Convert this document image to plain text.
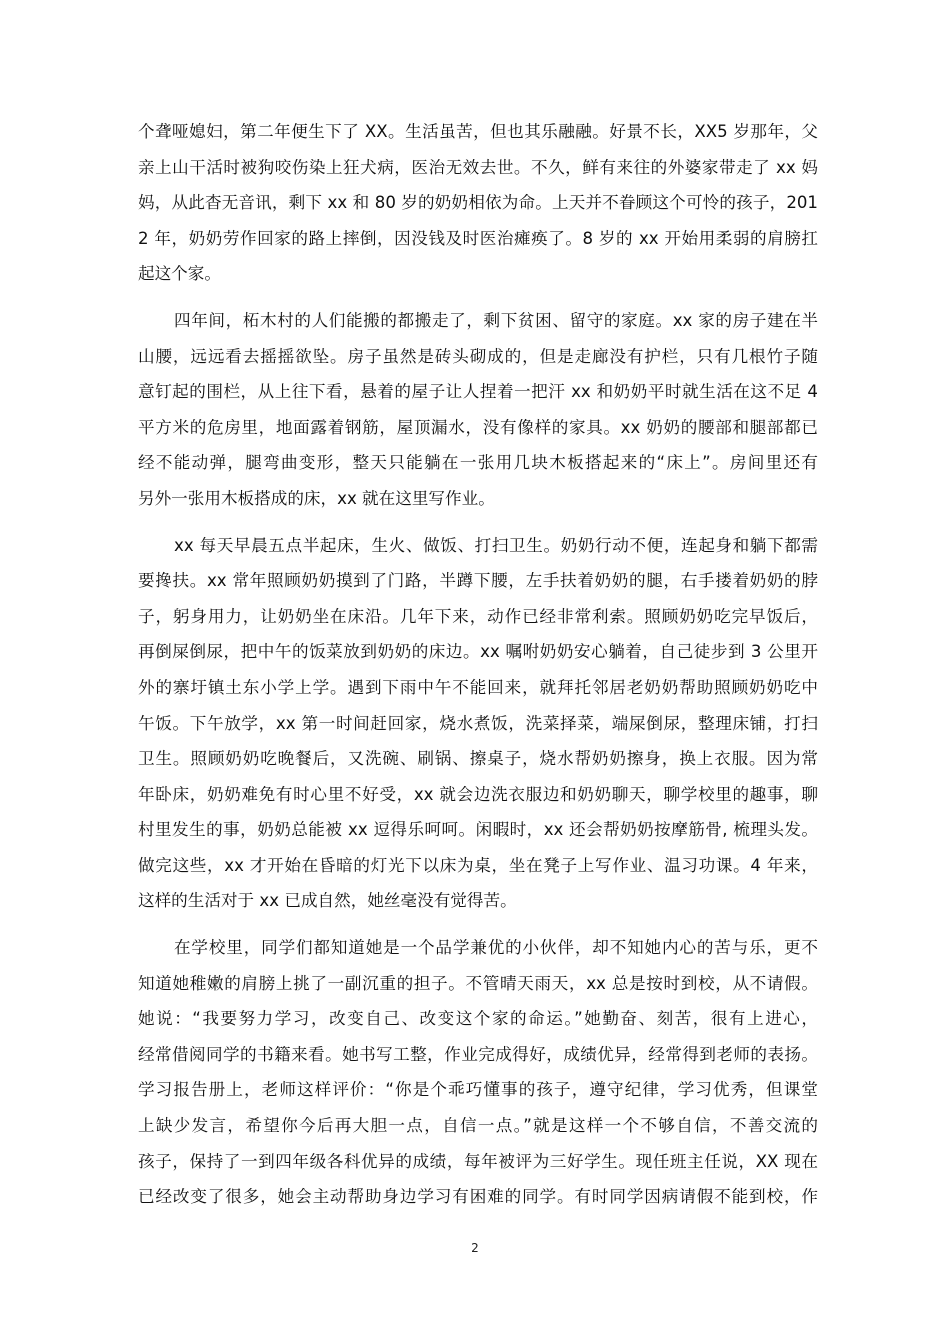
个聋哑媳妇，第二年便生下了 XX。生活虽苦，但也其乐融融。好景不长，XX5 岁那年，父
亲上山干活时被狗咬伤染上狂犬病，医治无效去世。不久，鲜有来往的外婆家带走了 xx 妈
妈，从此杳无音讯，剩下 xx 和 80 岁的奶奶相依为命。上天并不眷顾这个可怜的孩子，201
2 年，奶奶劳作回家的路上摔倒，因没钱及时医治瘫痪了。8 岁的 xx 开始用柔弱的肩膀扛
起这个家。
四年间，柘木村的人们能搬的都搬走了，剩下贫困、留守的家庭。xx 家的房子建在半
山腰，远远看去摇摇欲坠。房子虽然是砖头砌成的，但是走廊没有护栏，只有几根竹子随
意钉起的围栏，从上往下看，悬着的屋子让人捏着一把汗 xx 和奶奶平时就生活在这不足 4
平方米的危房里，地面露着钢筋，屋顶漏水，没有像样的家具。xx 奶奶的腰部和腿部都已
经不能动弹，腿弯曲变形，整天只能躺在一张用几块木板搭起来的“床上”。房间里还有
另外一张用木板搭成的床，xx 就在这里写作业。
xx 每天早晨五点半起床，生火、做饭、打扫卫生。奶奶行动不便，连起身和躺下都需
要搀扶。xx 常年照顾奶奶摸到了门路，半蹲下腰，左手扶着奶奶的腿，右手搂着奶奶的脖
子，躬身用力，让奶奶坐在床沿。几年下来，动作已经非常利索。照顾奶奶吃完早饭后，
再倒屎倒尿，把中午的饭菜放到奶奶的床边。xx 嘱咐奶奶安心躺着，自己徒步到 3 公里开
外的寨圩镇土东小学上学。遇到下雨中午不能回来，就拜托邻居老奶奶帮助照顾奶奶吃中
午饭。下午放学，xx 第一时间赶回家，烧水煮饭，洗菜择菜，端屎倒尿，整理床铺，打扫
卫生。照顾奶奶吃晚餐后，又洗碗、刷锅、擦桌子，烧水帮奶奶擦身，换上衣服。因为常
年卧床，奶奶难免有时心里不好受，xx 就会边洗衣服边和奶奶聊天，聊学校里的趣事，聊
村里发生的事，奶奶总能被 xx 逗得乐呵呵。闲暇时，xx 还会帮奶奶按摩筋骨, 梳理头发。
做完这些，xx 才开始在昏暗的灯光下以床为桌，坐在凳子上写作业、温习功课。4 年来，
这样的生活对于 xx 已成自然，她丝毫没有觉得苦。
在学校里，同学们都知道她是一个品学兼优的小伙伴，却不知她内心的苦与乐，更不
知道她稚嫩的肩膀上挑了一副沉重的担子。不管晴天雨天，xx 总是按时到校，从不请假。
她说：“我要努力学习，改变自己、改变这个家的命运。”她勤奋、刻苦，很有上进心，
经常借阅同学的书籍来看。她书写工整，作业完成得好，成绩优异，经常得到老师的表扬。
学习报告册上，老师这样评价：“你是个乖巧懂事的孩子，遵守纪律，学习优秀，但课堂
上缺少发言，希望你今后再大胆一点，自信一点。”就是这样一个不够自信，不善交流的
孩子，保持了一到四年级各科优异的成绩，每年被评为三好学生。现任班主任说，XX 现在
已经改变了很多，她会主动帮助身边学习有困难的同学。有时同学因病请假不能到校，作
2
